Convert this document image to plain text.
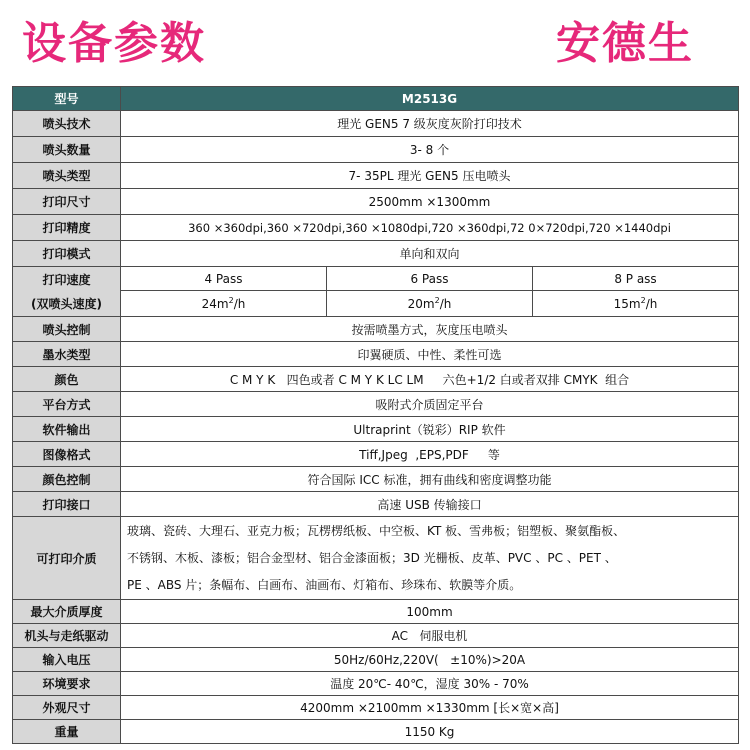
设备参数	安德生
型号	M2513G		
喷头技术	理光 GEN5 7 级灰度灰阶打印技术		
喷头数量	3- 8 个		
喷头类型	7- 35PL 理光 GEN5 压电喷头		
打印尺寸	2500mm ×1300mm		
打印精度	360 ×360dpi,360 ×720dpi,360 ×1080dpi,720 ×360dpi,72 0×720dpi,720 ×1440dpi		
打印模式	单向和双向		

打印速度
(双喷头速度)	4 Pass	6 Pass	8 P ass
	$24m^2/h$	$20m^2/h$	$15m^2/h$
喷头控制	按需喷墨方式，灰度压电喷头		
墨水类型	印翼硬质、中性、柔性可选		
颜色	C M Y K   四色或者 C M Y K LC LM     六色+1/2 白或者双排 CMYK  组合		
平台方式	吸附式介质固定平台		
软件输出	Ultraprint（锐彩）RIP 软件		
图像格式	Tiff,Jpeg  ,EPS,PDF     等		
颜色控制	符合国际 ICC 标准，拥有曲线和密度调整功能		
打印接口	高速 USB 传输接口		
可打印介质	玻璃、瓷砖、大理石、亚克力板；瓦楞楞纸板、中空板、KT 板、雪弗板；铝塑板、聚氨酯板、
不锈钢、木板、漆板；铝合金型材、铝合金漆面板；3D 光栅板、皮革、PVC 、PC 、PET 、
PE 、ABS 片；条幅布、白画布、油画布、灯箱布、珍珠布、软膜等介质。		

最大介质厚度	100mm		
机头与走纸驱动	AC   伺服电机		
输入电压	50Hz/60Hz,220V(   ±10%)>20A		
环境要求	温度 20℃- 40℃，湿度 30% - 70%		
外观尺寸	4200mm ×2100mm ×1330mm [长×宽×高]		
重量	1150 Kg		
